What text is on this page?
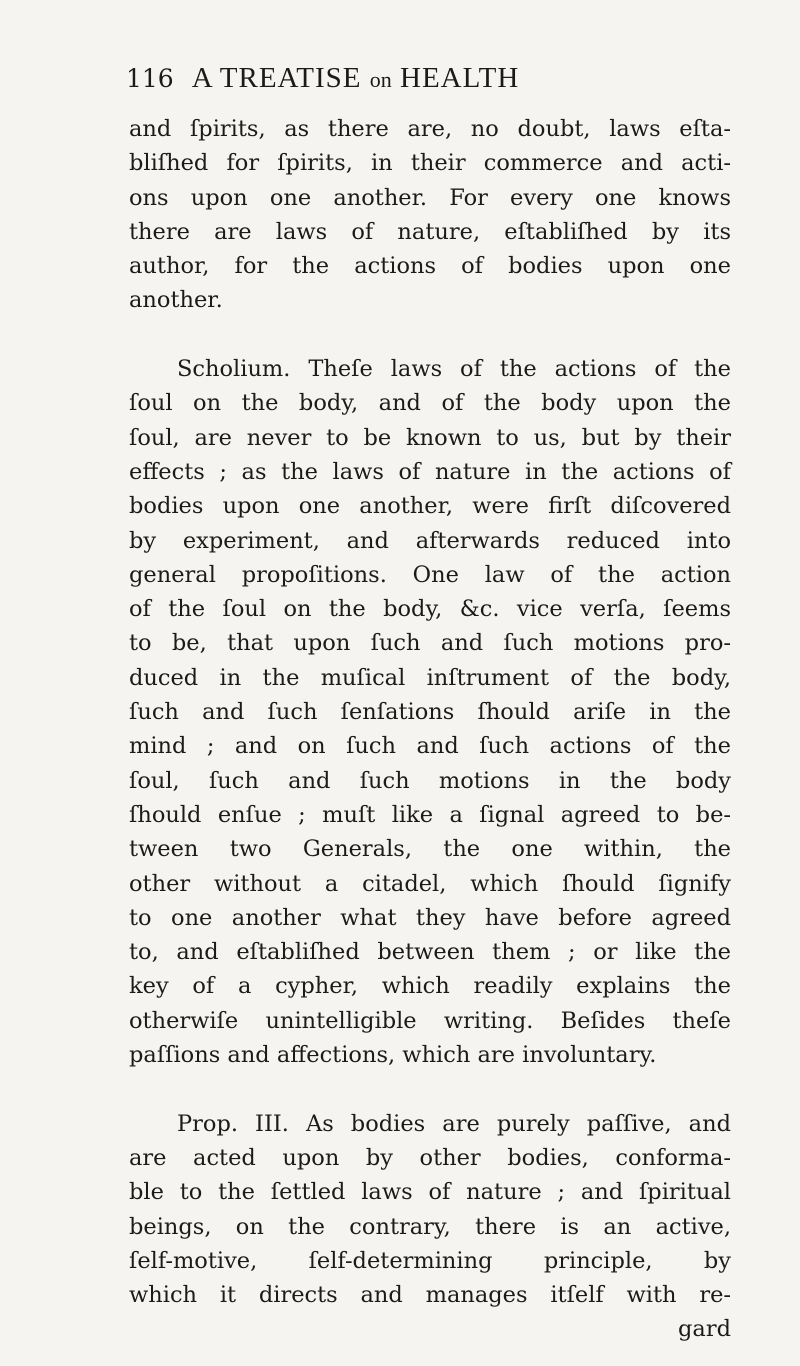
116 A TREATISE on HEALTH
and ſpirits, as there are, no doubt, laws eſta-
bliſhed for ſpirits, in their commerce and acti-
ons upon one another. For every one knows
there are laws of nature, eſtabliſhed by its
author, for the actions of bodies upon one
another.
Scholium. Theſe laws of the actions of the
ſoul on the body, and of the body upon the
ſoul, are never to be known to us, but by their
effects ; as the laws of nature in the actions of
bodies upon one another, were firſt diſcovered
by experiment, and afterwards reduced into
general propoſitions. One law of the action
of the ſoul on the body, &c. vice verſa, ſeems
to be, that upon ſuch and ſuch motions pro-
duced in the muſical inſtrument of the body,
ſuch and ſuch ſenſations ſhould ariſe in the
mind ; and on ſuch and ſuch actions of the
ſoul, ſuch and ſuch motions in the body
ſhould enſue ; muſt like a ſignal agreed to be-
tween two Generals, the one within, the
other without a citadel, which ſhould ſignify
to one another what they have before agreed
to, and eſtabliſhed between them ; or like the
key of a cypher, which readily explains the
otherwiſe unintelligible writing. Beſides theſe
paſſions and affections, which are involuntary.
Prop. III. As bodies are purely paſſive, and
are acted upon by other bodies, conforma-
ble to the ſettled laws of nature ; and ſpiritual
beings, on the contrary, there is an active,
ſelf-motive, ſelf-determining principle, by
which it directs and manages itſelf with re-
gard
